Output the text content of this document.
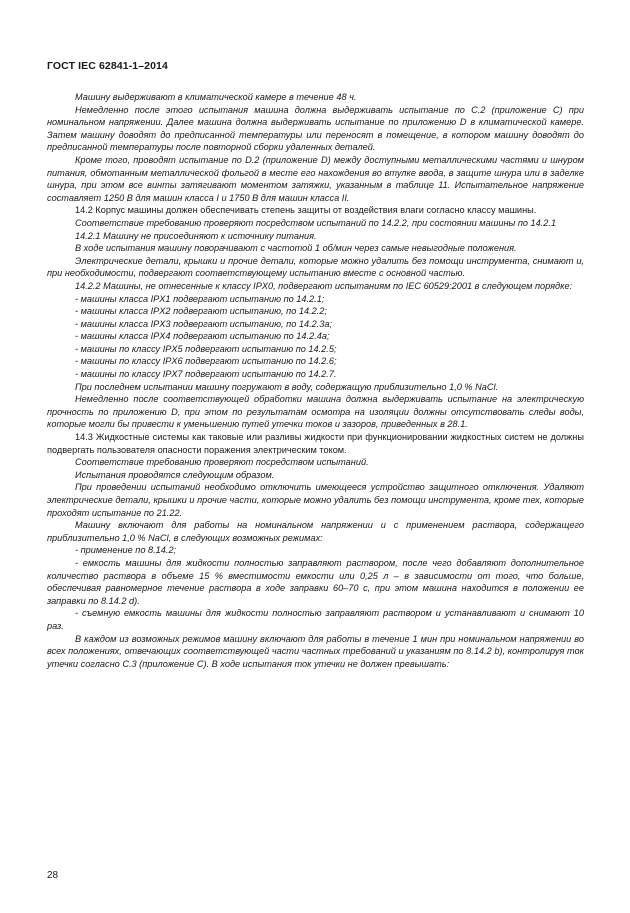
ГОСТ IEC 62841-1–2014

Машину выдерживают в климатической камере в течение 48 ч.

Немедленно после этого испытания машина должна выдерживать испытание по С.2 (приложение С) при номинальном напряжении. Далее машина должна выдерживать испытание по приложению D в климатической камере. Затем машину доводят до предписанной температуры или переносят в помещение, в котором машину доводят до предписанной температуры после повторной сборки удаленных деталей.

Кроме того, проводят испытание по D.2 (приложение D) между доступными металлическими частями и шнуром питания, обмотанным металлической фольгой в месте его нахождения во втулке ввода, в защите шнура или в заделке шнура, при этом все винты затягивают моментом затяжки, указанным в таблице 11. Испытательное напряжение составляет 1250 В для машин класса I и 1750 В для машин класса II.

14.2 Корпус машины должен обеспечивать степень защиты от воздействия влаги согласно классу машины.

Соответствие требованию проверяют посредством испытаний по 14.2.2, при состоянии машины по 14.2.1

14.2.1 Машину не присоединяют к источнику питания.

В ходе испытания машину поворачивают с частотой 1 об/мин через самые невыгодные положения.

Электрические детали, крышки и прочие детали, которые можно удалить без помощи инструмента, снимают и, при необходимости, подвергают соответствующему испытанию вместе с основной частью.

14.2.2 Машины, не отнесенные к классу IPX0, подвергают испытаниям по IEC 60529:2001 в следующем порядке:

- машины класса IPX1 подвергают испытанию по 14.2.1;

- машины класса IPX2 подвергают испытанию, по 14.2.2;

- машины класса IPX3 подвергают испытанию, по 14.2.3а;

- машины класса IPX4 подвергают испытанию по 14.2.4а;

- машины по классу IPX5 подвергают испытанию по 14.2.5;

- машины по классу IPX6 подвергают испытанию по 14.2.6;

- машины по классу IPX7 подвергают испытанию по 14.2.7.

При последнем испытании машину погружают в воду, содержащую приблизительно 1,0 % NaCl.

Немедленно после соответствующей обработки машина должна выдерживать испытание на электрическую прочность по приложению D, при этом по результатам осмотра на изоляции должны отсутствовать следы воды, которые могли бы привести к уменьшению путей утечки токов и зазоров, приведенных в 28.1.

14.3 Жидкостные системы как таковые или разливы жидкости при функционировании жидкостных систем не должны подвергать пользователя опасности поражения электрическим током.

Соответствие требованию проверяют посредством испытаний.

Испытания проводятся следующим образом.

При проведении испытаний необходимо отключить имеющееся устройство защитного отключения. Удаляют электрические детали, крышки и прочие части, которые можно удалить без помощи инструмента, кроме тех, которые проходят испытание по 21.22.

Машину включают для работы на номинальном напряжении и с применением раствора, содержащего приблизительно 1,0 % NaCl, в следующих возможных режимах:

- применение по 8.14.2;

- емкость машины для жидкости полностью заправляют раствором, после чего добавляют дополнительное количество раствора в объеме 15 % вместимости емкости или 0,25 л – в зависимости от того, что больше, обеспечивая равномерное течение раствора в ходе заправки 60–70 с, при этом машина находится в положении ее заправки по 8.14.2 d).

- съемную емкость машины для жидкости полностью заправляют раствором и устанавливают и снимают 10 раз.

В каждом из возможных режимов машину включают для работы в течение 1 мин при номинальном напряжении во всех положениях, отвечающих соответствующей части частных требований и указаниям по 8.14.2 b), контролируя ток утечки согласно С.3 (приложение С). В ходе испытания ток утечки не должен превышать:

28
